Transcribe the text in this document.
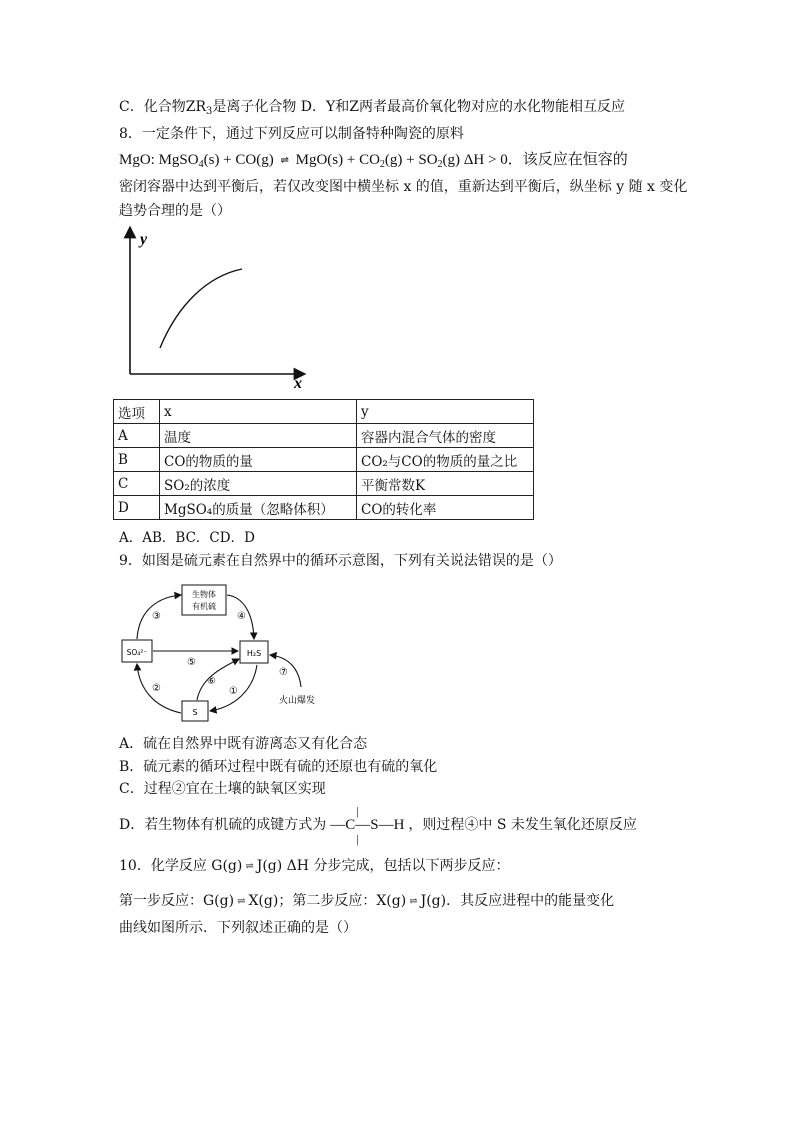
C．化合物$ZR_3$是离子化合物 D．Y和Z两者最高价氧化物对应的水化物能相互反应
8．一定条件下，通过下列反应可以制备特种陶瓷的原料
MgO: MgSO$_4$(s) + CO(g) ⇌ $MgO(s) + CO_2(g) + SO_2(g) \Delta H > 0$．该反应在恒容的
密闭容器中达到平衡后，若仅改变图中横坐标 x 的值，重新达到平衡后，纵坐标 y 随 x 变化
趋势合理的是（）
y
x
选项	x	y
A	温度	容器内混合气体的密度
B	CO的物质的量	CO₂与CO的物质的量之比
C	SO₂的浓度	平衡常数K
D	MgSO₄的质量（忽略体积）	CO的转化率
A．AB．BC．CD．D
9．如图是硫元素在自然界中的循环示意图，下列有关说法错误的是（）
生物体
有机硫
SO₄²⁻	H₂S
S
③	④
⑤
②
⑥
①
⑦
火山爆发
A．硫在自然界中既有游离态又有化合态
B．硫元素的循环过程中既有硫的还原也有硫的氧化
C．过程②宜在土壤的缺氧区实现
D．若生物体有机硫的成键方式为
|
—C—S—H
|
，则过程④中 S 未发生氧化还原反应
10．化学反应 G(g) ⇌ J(g) ΔH 分步完成，包括以下两步反应：
第一步反应：G(g) ⇌ X(g)；第二步反应：X(g) ⇌ J(g)．其反应进程中的能量变化
曲线如图所示．下列叙述正确的是（）
